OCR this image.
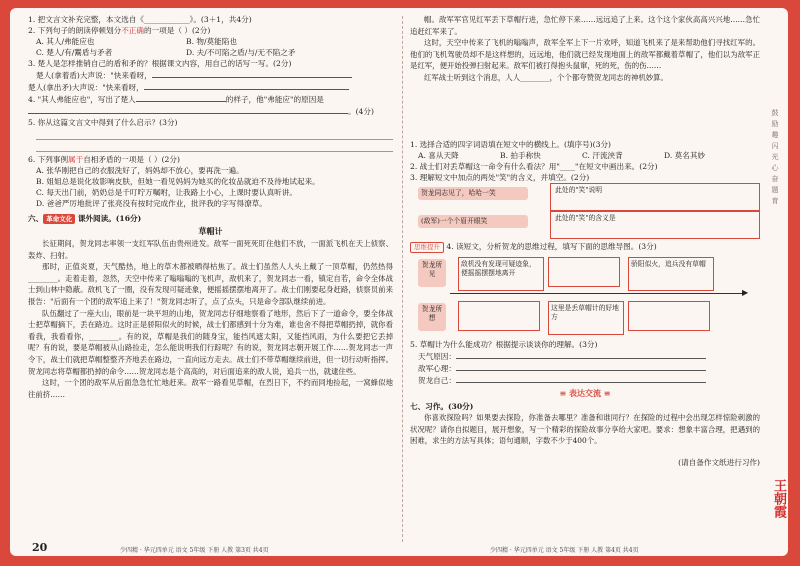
1. 把文言文补充完整，本文选自《____________》。(3＋1，共4分)

2. 下列句子的朗读停顿划分不正确的一项是（ ）(2分)

A. 其人/弗能应也	B. 物/莫能陷也

C. 楚人/有/鬻盾与矛者	D. 夫/不可陷之盾/与/无不陷之矛

3. 楚人是怎样推销自己的盾和矛的？根据课文内容，用自己的话写一写。(2分)

楚人(拿着盾)大声说："快来看呀，

楚人(拿出矛)大声说："快来看呀，

4. "其人弗能应也"，写出了楚人	的样子，他"弗能应"的原因是

。(4分)

5. 你从这篇文言文中得到了什么启示？(3分)

6. 下列事例属于自相矛盾的一项是（ ）(2分)

A. 张华刚把自己的衣服洗好了，妈妈却不放心，要再洗一遍。

B. 姐姐总是说化妆影响皮肤，但她一看见妈妈为她买的化妆品就迫不及待地试起来。

C. 每天出门前，奶奶总是千叮咛万嘱咐，让我路上小心，上课时要认真听讲。

D. 爸爸严厉地批评了张亮没有按时完成作业，批评我的字写得潦草。

六、 革命文化 课外阅读。(16分)

草帽计

长征期间，贺龙同志率领一支红军队伍由贵州进发。敌军一面死死盯住他们不放，一面派飞机在天上侦察、轰炸、扫射。

那时，正值炎夏，天气酷热，地上的草木都被晒得枯焦了。战士们虽然人人头上戴了一顶草帽，仍然热得________。走着走着，忽然，天空中传来了嗡嗡嗡的飞机声，敌机来了，贺龙同志一看，镇定自若，命令全体战士到山林中隐蔽。敌机飞了一圈，没有发现可疑迹象，便摇摇摆摆地离开了。战士们刚要起身赶路，侦察员前来报告："后面有一个团的敌军追上来了！"贺龙同志听了，点了点头，只是命令部队继续前进。

队伍翻过了一座大山，眼前是一块平坦的山地，贺龙同志仔细地察看了地形，然后下了一道命令，要全体战士把草帽摘下，丢在路边。这时正是骄阳似火的时候，战士们都感到十分为难，谁也舍不得把草帽扔掉，就你看看我，我看看你，________。有的说，草帽是我们的随身宝，能挡风遮太阳，又能挡风雨，为什么要把它丢掉呢？有的说，要是草帽被从山路捡走，怎么能说明我们行踪呢？有的说，贺龙同志朝开展工作……贺龙同志一声令下，战士们就把草帽整整齐齐地丢在路边，一直向远方走去。战士们不带草帽继续前进，但一切行动听指挥。贺龙同志将草帽都扔掉的命令……贺龙同志是个高高的，对后面追来的敌人说，追兵一出，就逮住些。

这时，一个团的敌军从后面急急忙忙地赶来。敌军一路看见草帽，在烈日下，不约而同地捡起，一窝蜂似地往前挤……

20	少四精 · 华元四单元 语文 5年级 下册 人教 第3页 共4页

帽。敌军军官见红军丢下草帽行进，急忙停下来……远远追了上来。这个这个家伙高高兴兴地……急忙追赶红军来了。

这时，天空中传来了飞机的嗡嗡声，敌军全军上下一片欢呼，知道飞机来了是来帮助他们寻找红军的。他们的飞机驾驶员却不是这样想的，远远地，他们就已经发现地面上的敌军都戴着草帽了，他们以为敌军正是红军，便开始投弹扫射起来。敌军们被打得抱头鼠窜，死的死，伤的伤……

红军战士听到这个消息，人人________，个个都夸赞贺龙同志的神机妙算。

1. 选择合适的四字词语填在短文中的横线上。(填序号)(3分)

A. 喜从天降	B. 拍手称快	C. 汗流浃背	D. 莫名其妙

2. 战士们对丢草帽这一命令有什么看法？用"____"在短文中画出来。(2分)

3. 理解短文中加点的两处"笑"的含义，并填空。(2分)

贺龙同志见了，哈哈一笑	此处的"笑"说明
(敌军)一个个眉开眼笑	此处的"笑"的含义是

思维提升 4. 读短文，分析贺龙的思维过程，填写下面的思维导图。(3分)

贺龙所见
敌机没有发现可疑迹象，便摇摇摆摆地离开
骄阳似火，追兵没有草帽
▶
贺龙所想
这里是丢草帽计的好地方

5. 草帽计为什么能成功？根据提示谈谈你的理解。(3分)

天气原因：

敌军心理：

贺龙自己：

≡ 表达交流 ≡

七、习作。(30分)

你喜欢探险吗？如果要去探险，你准备去哪里？准备和谁同行？在探险的过程中会出现怎样惊险刺激的状况呢？请你自拟题目，展开想象，写一个精彩的探险故事分享给大家吧。要求：想象丰富合理，把遇到的困难，求生的方法写具体；语句通顺，字数不少于400个。

(请自备作文纸进行习作)

少四精 · 华元四单元 语文 5年级 下册 人教 第4页 共4页
鼓
励
趣
闪
光
心
奋
题
育
王朝霞
